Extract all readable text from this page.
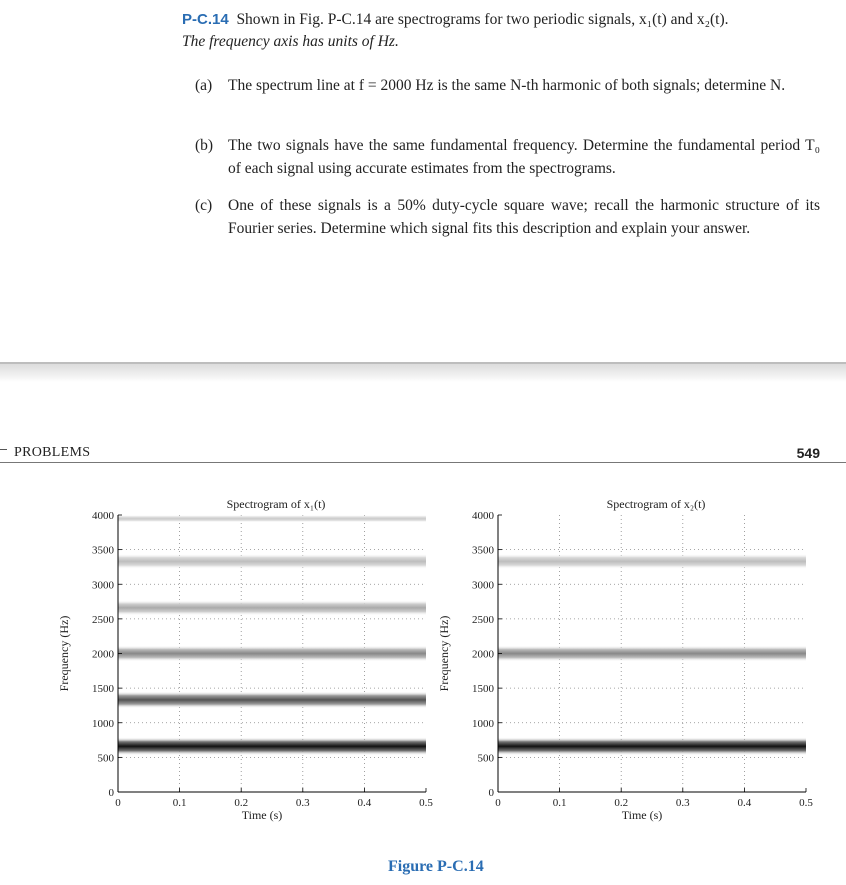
P-C.14 Shown in Fig. P-C.14 are spectrograms for two periodic signals, x₁(t) and x₂(t).
The frequency axis has units of Hz.
(a) The spectrum line at f = 2000 Hz is the same N-th harmonic of both signals; determine N.
(b) The two signals have the same fundamental frequency. Determine the fundamental period T₀ of each signal using accurate estimates from the spectrograms.
(c) One of these signals is a 50% duty-cycle square wave; recall the harmonic structure of its Fourier series. Determine which signal fits this description and explain your answer.
PROBLEMS	549
0	0.1	0.2	0.3	0.4	0.5
0
500
1000
1500
2000
2500
3000
3500
4000
Spectrogram of x₁(t)
Time (s)
Frequency (Hz)
0	0.1	0.2	0.3	0.4	0.5
0
500
1000
1500
2000
2500
3000
3500
4000
Spectrogram of x₂(t)
Time (s)
Frequency (Hz)
Figure P-C.14
